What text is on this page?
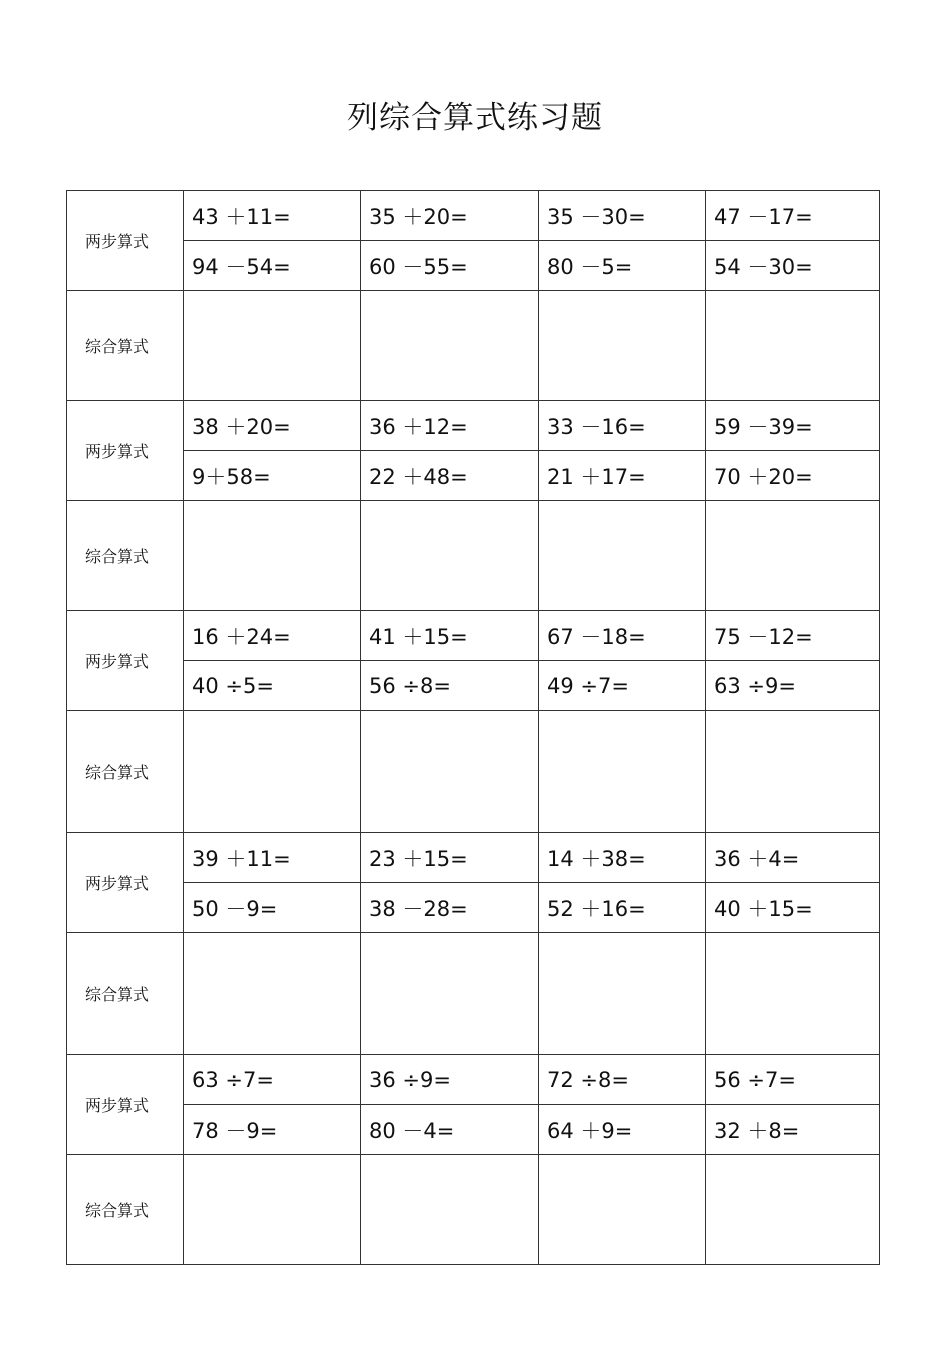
列综合算式练习题
两步算式	43 ＋11=	35 ＋20=	35 －30=	47 －17=
	94 －54=	60 －55=	80 －5=	54 －30=
综合算式				
两步算式	38 ＋20=	36 ＋12=	33 －16=	59 －39=
	9＋58=	22 ＋48=	21 ＋17=	70 ＋20=
综合算式				
两步算式	16 ＋24=	41 ＋15=	67 －18=	75 －12=
	40 ÷5=	56 ÷8=	49 ÷7=	63 ÷9=
综合算式				
两步算式	39 ＋11=	23 ＋15=	14 ＋38=	36 ＋4=
	50 －9=	38 －28=	52 ＋16=	40 ＋15=
综合算式				
两步算式	63 ÷7=	36 ÷9=	72 ÷8=	56 ÷7=
	78 －9=	80 －4=	64 ＋9=	32 ＋8=
综合算式				
